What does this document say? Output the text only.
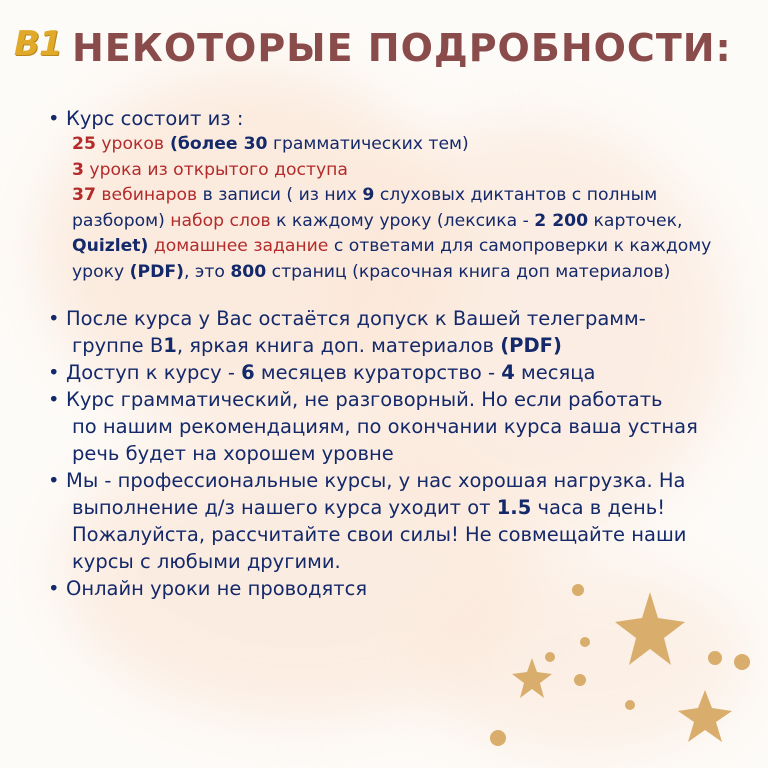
B1 НЕКОТОРЫЕ ПОДРОБНОСТИ:
• Курс состоит из :
25 уроков (более 30 грамматических тем)
3 урока из открытого доступа
37 вебинаров в записи ( из них 9 слуховых диктантов с полным
разбором) набор слов к каждому уроку (лексика - 2 200 карточек,
Quizlet) домашнее задание с ответами для самопроверки к каждому
уроку (PDF), это 800 страниц (красочная книга доп материалов)
• После курса у Вас остаётся допуск к Вашей телеграмм-
группе В1, яркая книга доп. материалов (PDF)
• Доступ к курсу - 6 месяцев кураторство - 4 месяца
• Курс грамматический, не разговорный. Но если работать
по нашим рекомендациям, по окончании курса ваша устная
речь будет на хорошем уровне
• Мы - профессиональные курсы, у нас хорошая нагрузка. На
выполнение д/з нашего курса уходит от 1.5 часа в день!
Пожалуйста, рассчитайте свои силы! Не совмещайте наши
курсы с любыми другими.
• Онлайн уроки не проводятся
